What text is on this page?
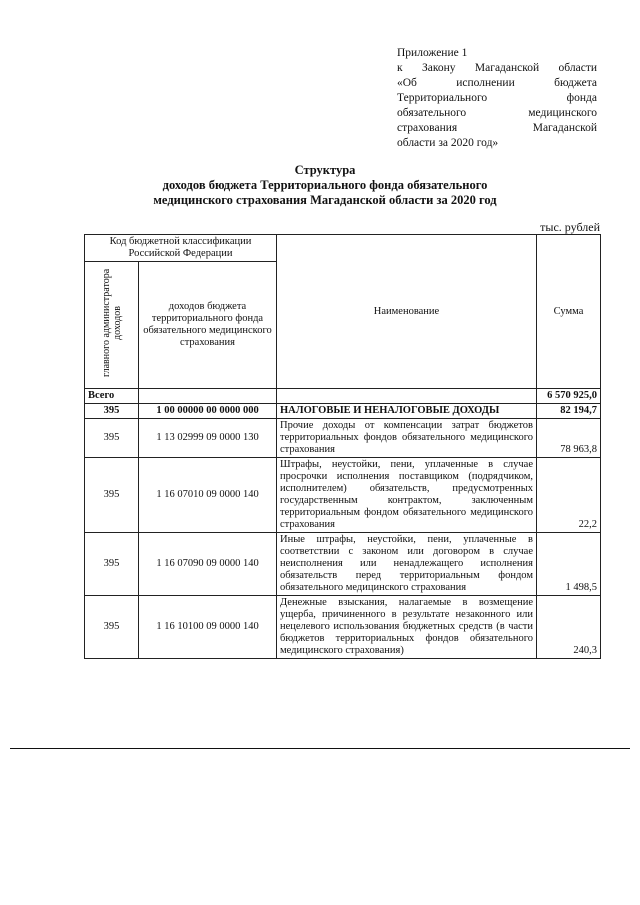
Приложение 1
к Закону Магаданской области
«Об исполнении бюджета
Территориального фонда
обязательного медицинского
страхования Магаданской
области за 2020 год»
Структура
доходов бюджета Территориального фонда обязательного
медицинского страхования Магаданской области за 2020 год
тыс. рублей
Код бюджетной классификации Российской Федерации		Наименование	Сумма
главного администратора доходов	доходов бюджета территориального фонда обязательного медицинского страхования		
Всего			6 570 925,0
395	1 00 00000 00 0000 000	НАЛОГОВЫЕ И НЕНАЛОГОВЫЕ ДОХОДЫ	82 194,7
395	1 13 02999 09 0000 130	Прочие доходы от компенсации затрат бюджетов территориальных фондов обязательного медицинского страхования	78 963,8
395	1 16 07010 09 0000 140	Штрафы, неустойки, пени, уплаченные в случае просрочки исполнения поставщиком (подрядчиком, исполнителем) обязательств, предусмотренных государственным контрактом, заключенным территориальным фондом обязательного медицинского страхования	22,2
395	1 16 07090 09 0000 140	Иные штрафы, неустойки, пени, уплаченные в соответствии с законом или договором в случае неисполнения или ненадлежащего исполнения обязательств перед территориальным фондом обязательного медицинского страхования	1 498,5
395	1 16 10100 09 0000 140	Денежные взыскания, налагаемые в возмещение ущерба, причиненного в результате незаконного или нецелевого использования бюджетных средств (в части бюджетов территориальных фондов обязательного медицинского страхования)	240,3
